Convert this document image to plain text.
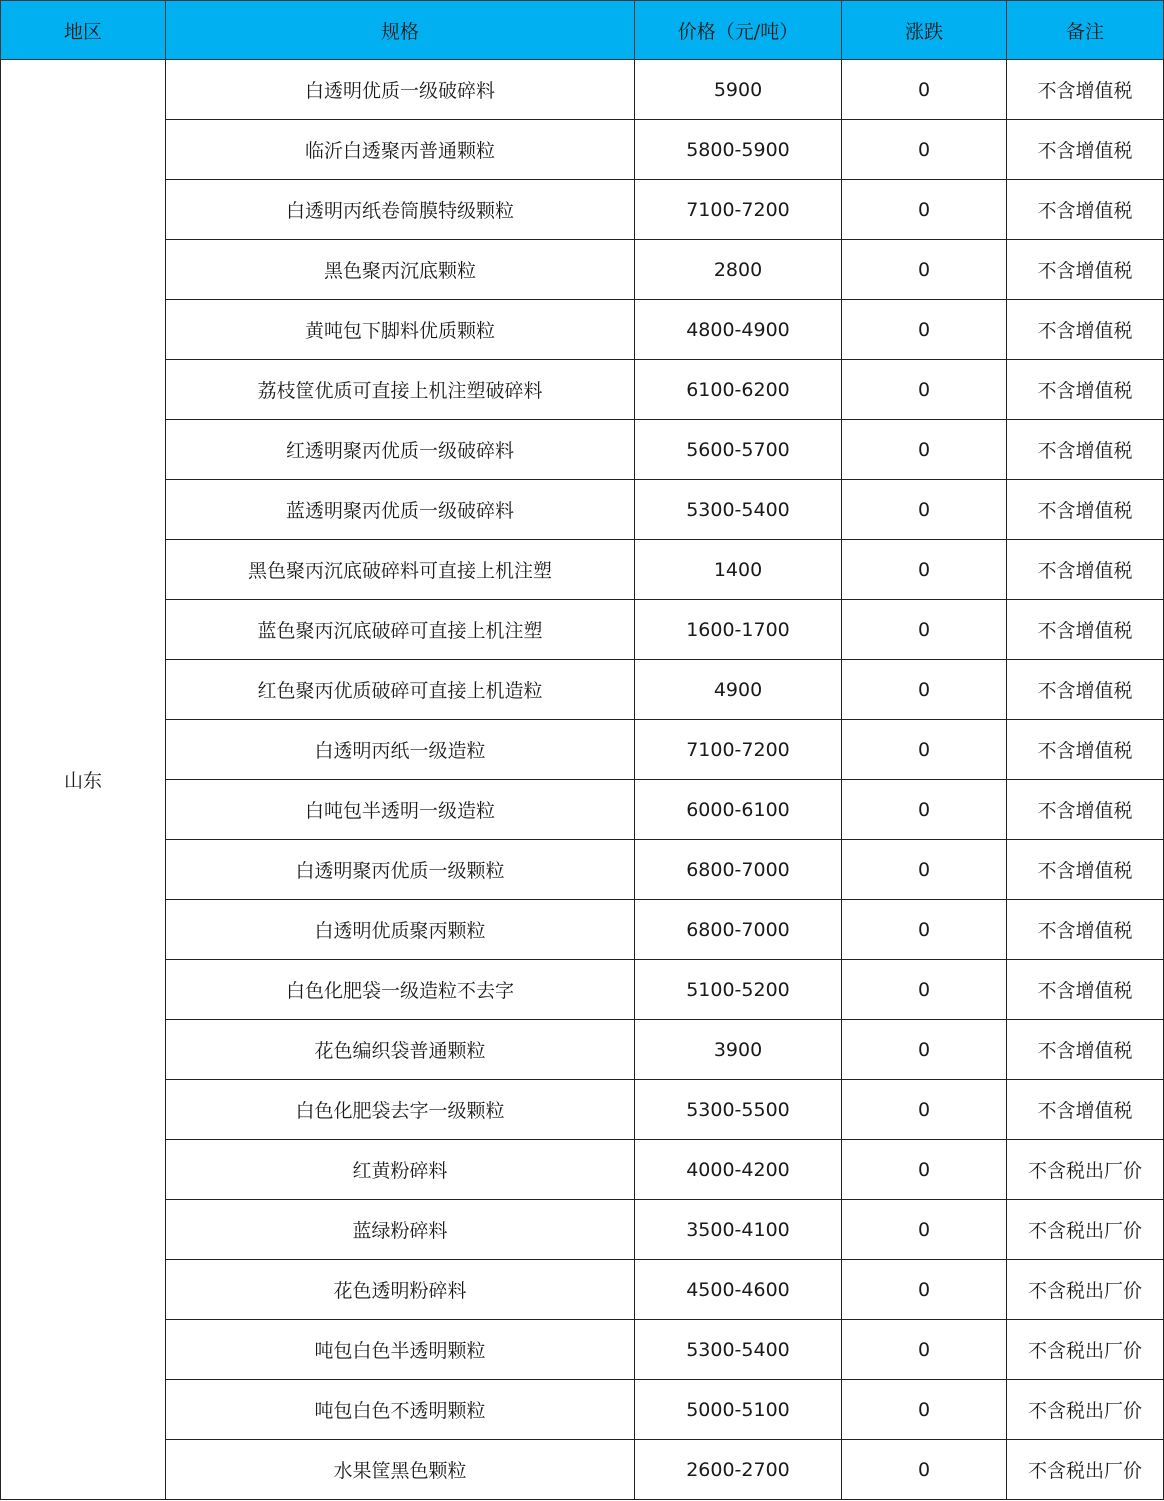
地区	规格	价格（元/吨）	涨跌	备注
山东	白透明优质一级破碎料	5900	0	不含增值税
	临沂白透聚丙普通颗粒	5800-5900	0	不含增值税
	白透明丙纸卷筒膜特级颗粒	7100-7200	0	不含增值税
	黑色聚丙沉底颗粒	2800	0	不含增值税
	黄吨包下脚料优质颗粒	4800-4900	0	不含增值税
	荔枝筐优质可直接上机注塑破碎料	6100-6200	0	不含增值税
	红透明聚丙优质一级破碎料	5600-5700	0	不含增值税
	蓝透明聚丙优质一级破碎料	5300-5400	0	不含增值税
	黑色聚丙沉底破碎料可直接上机注塑	1400	0	不含增值税
	蓝色聚丙沉底破碎可直接上机注塑	1600-1700	0	不含增值税
	红色聚丙优质破碎可直接上机造粒	4900	0	不含增值税
	白透明丙纸一级造粒	7100-7200	0	不含增值税
	白吨包半透明一级造粒	6000-6100	0	不含增值税
	白透明聚丙优质一级颗粒	6800-7000	0	不含增值税
	白透明优质聚丙颗粒	6800-7000	0	不含增值税
	白色化肥袋一级造粒不去字	5100-5200	0	不含增值税
	花色编织袋普通颗粒	3900	0	不含增值税
	白色化肥袋去字一级颗粒	5300-5500	0	不含增值税
	红黄粉碎料	4000-4200	0	不含税出厂价
	蓝绿粉碎料	3500-4100	0	不含税出厂价
	花色透明粉碎料	4500-4600	0	不含税出厂价
	吨包白色半透明颗粒	5300-5400	0	不含税出厂价
	吨包白色不透明颗粒	5000-5100	0	不含税出厂价
	水果筐黑色颗粒	2600-2700	0	不含税出厂价
